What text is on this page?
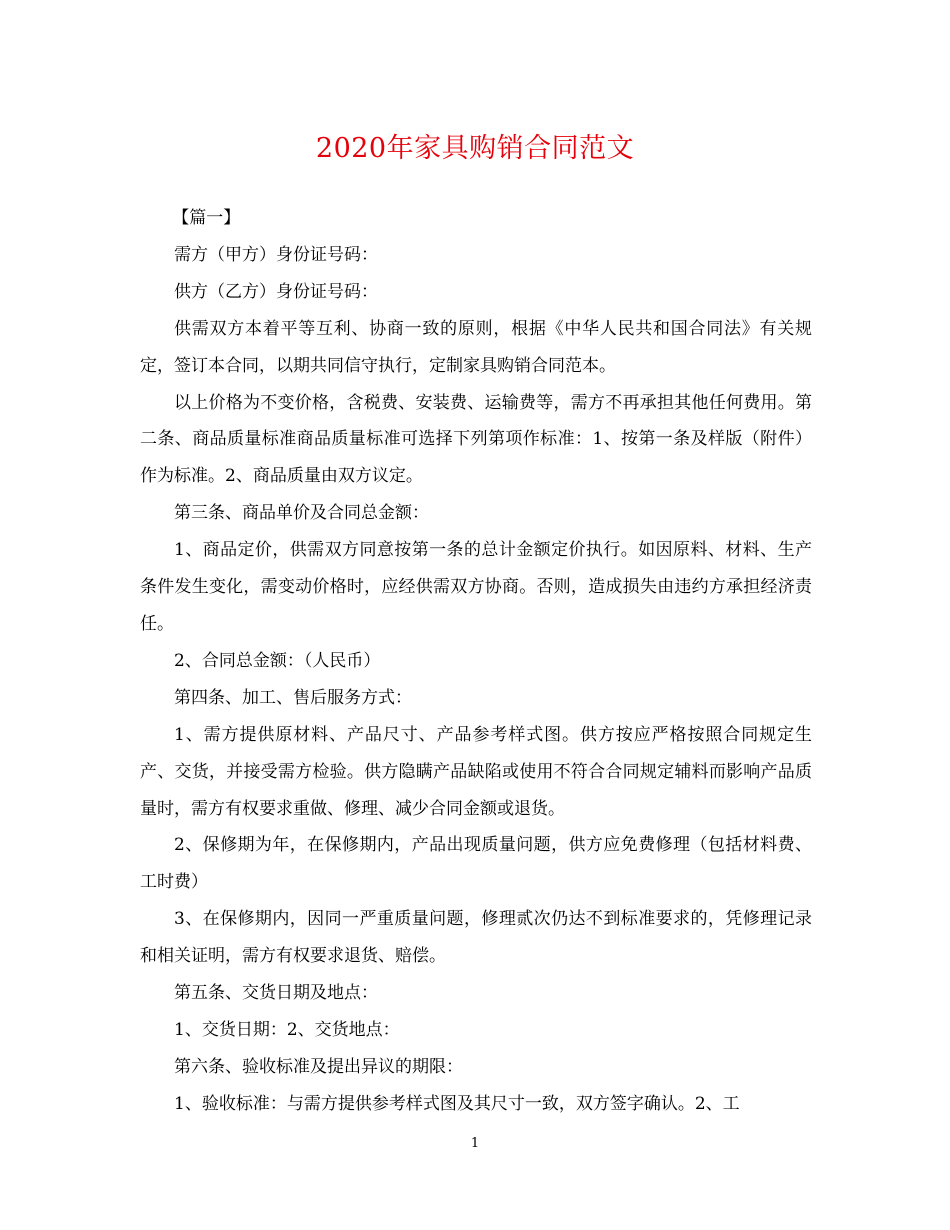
2020年家具购销合同范文

【篇一】

需方（甲方）身份证号码：

供方（乙方）身份证号码：

供需双方本着平等互利、协商一致的原则，根据《中华人民共和国合同法》有关规定，签订本合同，以期共同信守执行，定制家具购销合同范本。

以上价格为不变价格，含税费、安装费、运输费等，需方不再承担其他任何费用。第二条、商品质量标准商品质量标准可选择下列第项作标准：1、按第一条及样版（附件）作为标准。2、商品质量由双方议定。

第三条、商品单价及合同总金额：

1、商品定价，供需双方同意按第一条的总计金额定价执行。如因原料、材料、生产条件发生变化，需变动价格时，应经供需双方协商。否则，造成损失由违约方承担经济责任。

2、合同总金额：（人民币）

第四条、加工、售后服务方式：

1、需方提供原材料、产品尺寸、产品参考样式图。供方按应严格按照合同规定生产、交货，并接受需方检验。供方隐瞒产品缺陷或使用不符合合同规定辅料而影响产品质量时，需方有权要求重做、修理、减少合同金额或退货。

2、保修期为年，在保修期内，产品出现质量问题，供方应免费修理（包括材料费、工时费）

3、在保修期内，因同一严重质量问题，修理贰次仍达不到标准要求的，凭修理记录和相关证明，需方有权要求退货、赔偿。

第五条、交货日期及地点：

1、交货日期：2、交货地点：

第六条、验收标准及提出异议的期限：

1、验收标准：与需方提供参考样式图及其尺寸一致，双方签字确认。2、工

1
